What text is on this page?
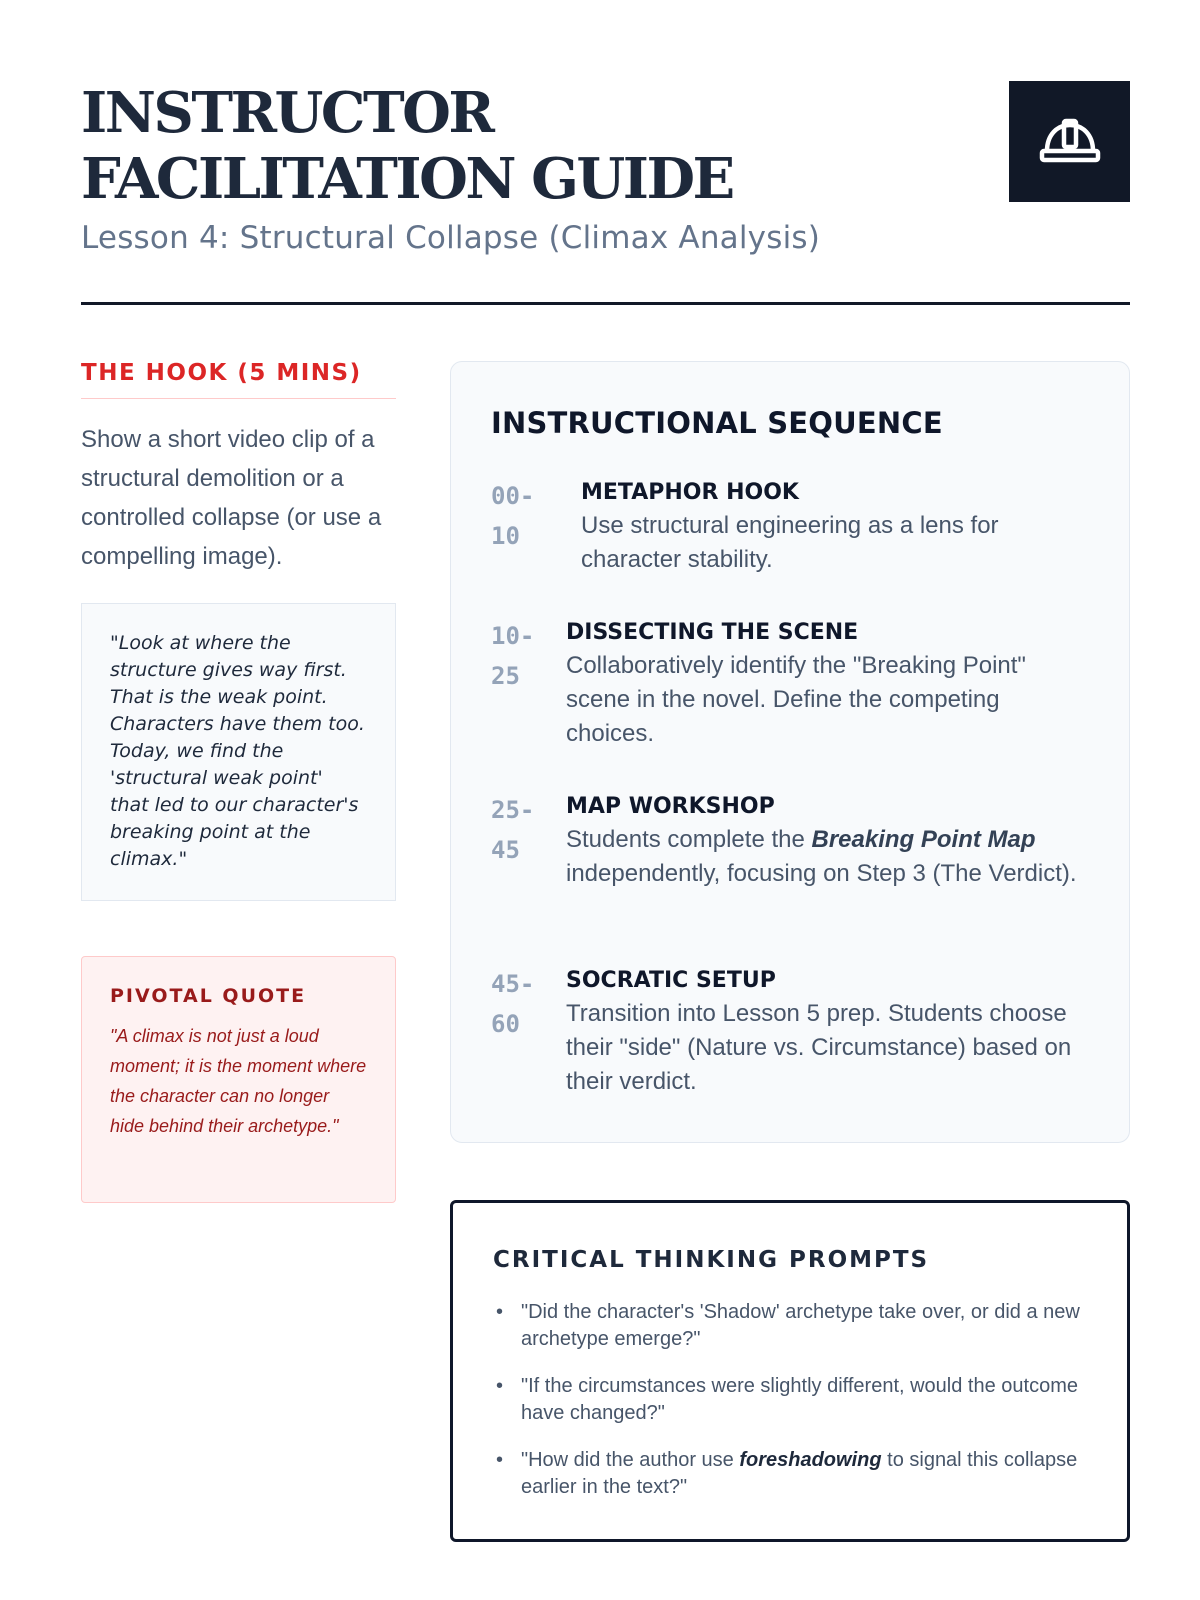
INSTRUCTOR FACILITATION GUIDE
Lesson 4: Structural Collapse (Climax Analysis)
THE HOOK (5 MINS)

Show a short video clip of a structural demolition or a controlled collapse (or use a compelling image).

"Look at where the structure gives way first. That is the weak point. Characters have them too. Today, we find the 'structural weak point' that led to our character's breaking point at the climax."
PIVOTAL QUOTE
"A climax is not just a loud moment; it is the moment where the character can no longer hide behind their archetype."
INSTRUCTIONAL SEQUENCE
00-
10
METAPHOR HOOK
Use structural engineering as a lens for character stability.
10-
25
DISSECTING THE SCENE
Collaboratively identify the "Breaking Point" scene in the novel. Define the competing choices.
25-
45
MAP WORKSHOP
Students complete the Breaking Point Map independently, focusing on Step 3 (The Verdict).
45-
60
SOCRATIC SETUP
Transition into Lesson 5 prep. Students choose their "side" (Nature vs. Circumstance) based on their verdict.
CRITICAL THINKING PROMPTS
• "Did the character's 'Shadow' archetype take over, or did a new archetype emerge?"
• "If the circumstances were slightly different, would the outcome have changed?"
• "How did the author use foreshadowing to signal this collapse earlier in the text?"
